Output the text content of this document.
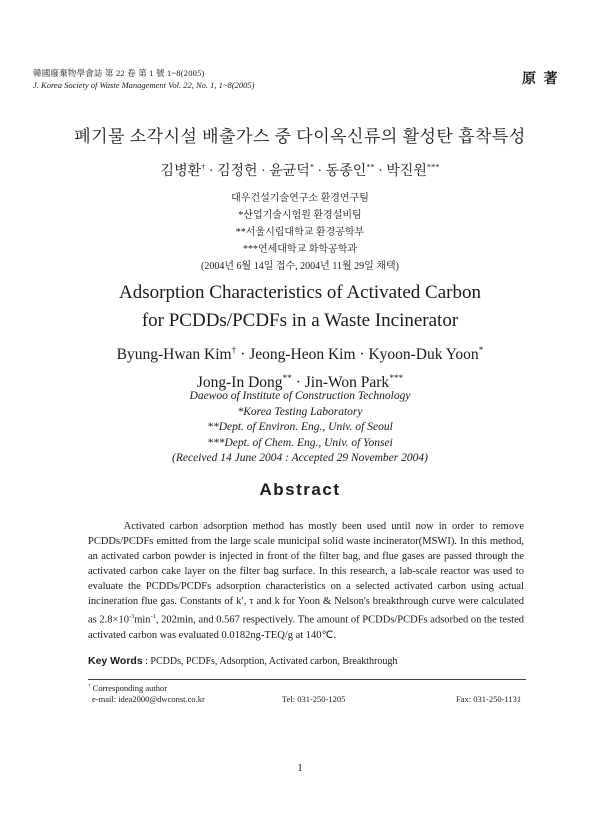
韓國廢棄物學會誌 第 22 卷 第 1 號 1~8(2005)
J. Korea Society of Waste Management Vol. 22, No. 1, 1~8(2005)	原 著
폐기물 소각시설 배출가스 중 다이옥신류의 활성탄 흡착특성
김병환† · 김정헌 · 윤균덕* · 동종인** · 박진원***
대우건설기술연구소 환경연구팀
*산업기술시험원 환경설비팀
**서울시립대학교 환경공학부
***연세대학교 화학공학과
(2004년 6월 14일 접수, 2004년 11월 29일 채택)
Adsorption Characteristics of Activated Carbon
for PCDDs/PCDFs in a Waste Incinerator
Byung-Hwan Kim† · Jeong-Heon Kim · Kyoon-Duk Yoon*
Jong-In Dong** · Jin-Won Park***
Daewoo of Institute of Construction Technology
*Korea Testing Laboratory
**Dept. of Environ. Eng., Univ. of Seoul
***Dept. of Chem. Eng., Univ. of Yonsei
(Received 14 June 2004 : Accepted 29 November 2004)
Abstract

Activated carbon adsorption method has mostly been used until now in order to remove PCDDs/PCDFs emitted from the large scale municipal solid waste incinerator(MSWI). In this method, an activated carbon powder is injected in front of the filter bag, and flue gases are passed through the activated carbon cake layer on the filter bag surface. In this research, a lab-scale reactor was used to evaluate the PCDDs/PCDFs adsorption characteristics on a selected activated carbon using actual incineration flue gas. Constants of k′, τ and k for Yoon & Nelson's breakthrough curve were calculated as $2.8\times 10^{-3}\min^{-1}$, 202min, and 0.567 respectively. The amount of PCDDs/PCDFs adsorbed on the tested activated carbon was evaluated 0.0182ng-TEQ/g at 140℃.

Key Words : PCDDs, PCDFs, Adsorption, Activated carbon, Breakthrough
† Corresponding author
e-mail: idea2000@dwconst.co.kr	Tel: 031-250-1205	Fax: 031-250-1131
1
